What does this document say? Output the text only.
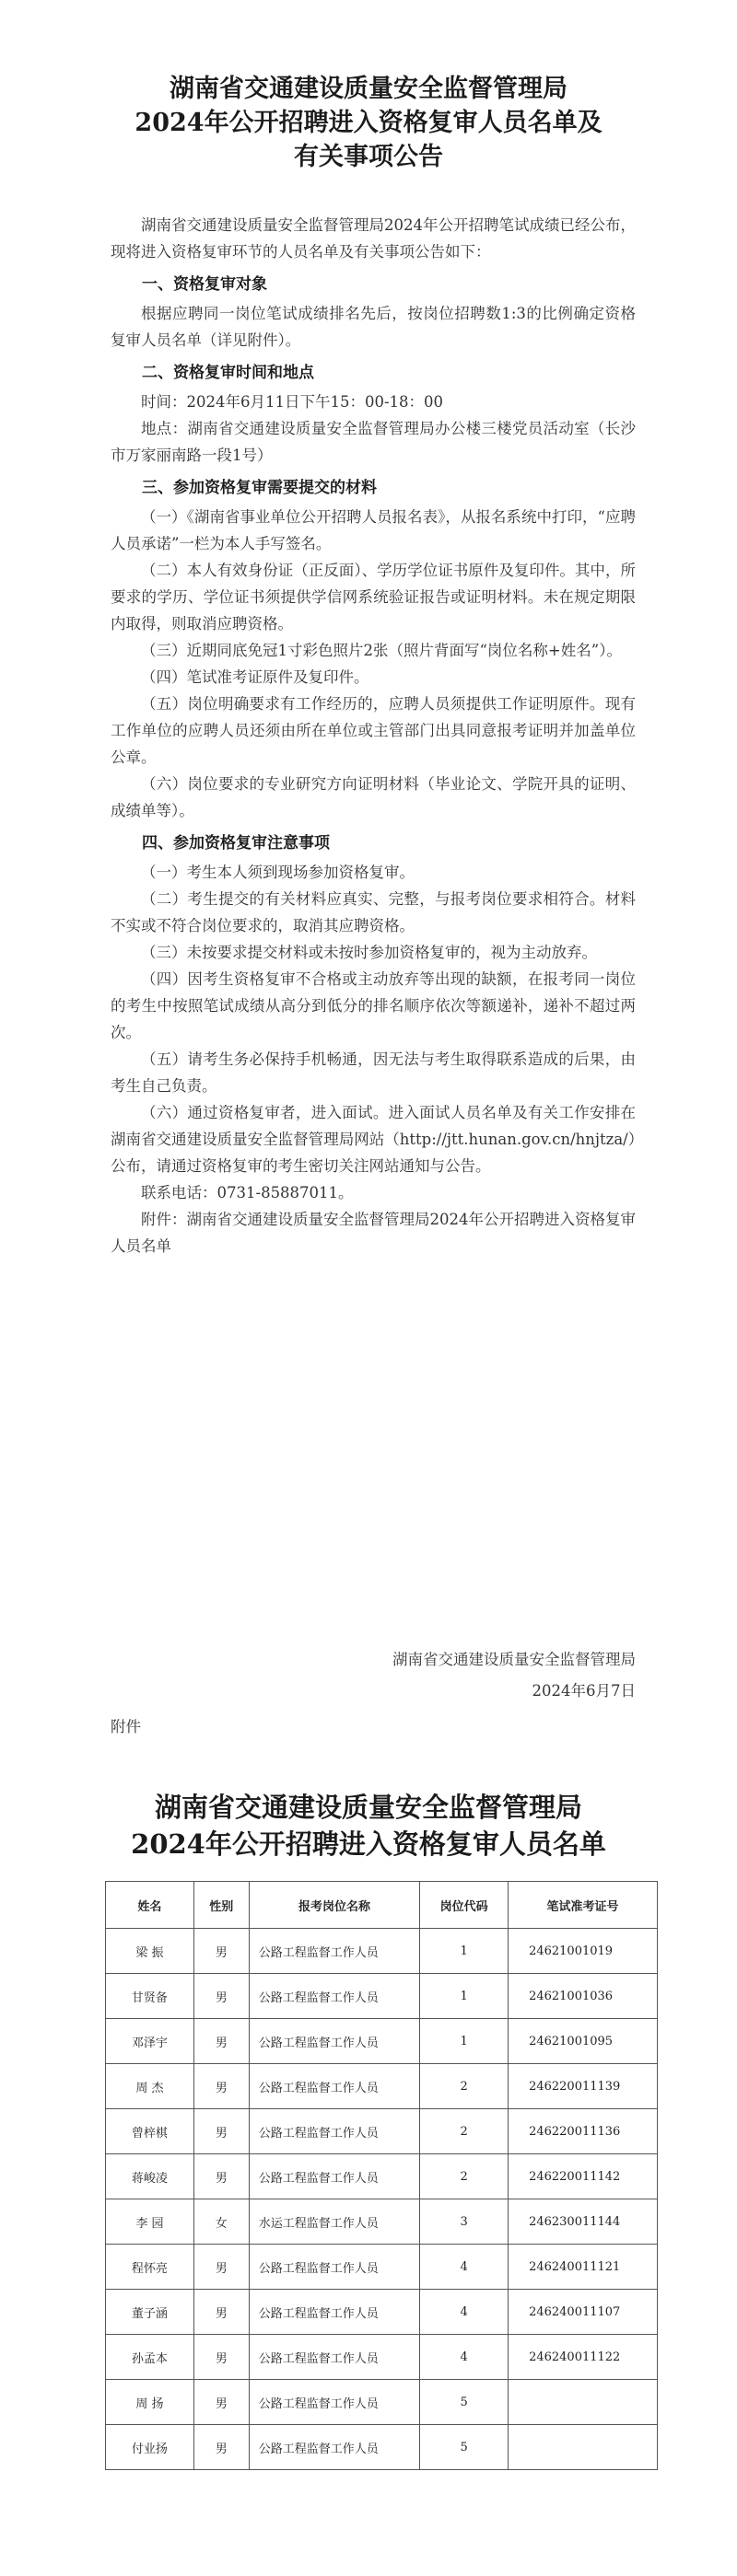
湖南省交通建设质量安全监督管理局
2024年公开招聘进入资格复审人员名单及
有关事项公告

湖南省交通建设质量安全监督管理局2024年公开招聘笔试成绩已经公布，现将进入资格复审环节的人员名单及有关事项公告如下：

一、资格复审对象

根据应聘同一岗位笔试成绩排名先后，按岗位招聘数1:3的比例确定资格复审人员名单（详见附件）。

二、资格复审时间和地点

时间：2024年6月11日下午15：00-18：00

地点：湖南省交通建设质量安全监督管理局办公楼三楼党员活动室（长沙市万家丽南路一段1号）

三、参加资格复审需要提交的材料

（一）《湖南省事业单位公开招聘人员报名表》，从报名系统中打印，“应聘人员承诺”一栏为本人手写签名。

（二）本人有效身份证（正反面）、学历学位证书原件及复印件。其中，所要求的学历、学位证书须提供学信网系统验证报告或证明材料。未在规定期限内取得，则取消应聘资格。

（三）近期同底免冠1寸彩色照片2张（照片背面写“岗位名称+姓名”）。

（四）笔试准考证原件及复印件。

（五）岗位明确要求有工作经历的，应聘人员须提供工作证明原件。现有工作单位的应聘人员还须由所在单位或主管部门出具同意报考证明并加盖单位公章。

（六）岗位要求的专业研究方向证明材料（毕业论文、学院开具的证明、成绩单等）。

四、参加资格复审注意事项

（一）考生本人须到现场参加资格复审。

（二）考生提交的有关材料应真实、完整，与报考岗位要求相符合。材料不实或不符合岗位要求的，取消其应聘资格。

（三）未按要求提交材料或未按时参加资格复审的，视为主动放弃。

（四）因考生资格复审不合格或主动放弃等出现的缺额，在报考同一岗位的考生中按照笔试成绩从高分到低分的排名顺序依次等额递补，递补不超过两次。

（五）请考生务必保持手机畅通，因无法与考生取得联系造成的后果，由考生自己负责。

（六）通过资格复审者，进入面试。进入面试人员名单及有关工作安排在湖南省交通建设质量安全监督管理局网站（http://jtt.hunan.gov.cn/hnjtza/）公布，请通过资格复审的考生密切关注网站通知与公告。

联系电话：0731-85887011。

附件：湖南省交通建设质量安全监督管理局2024年公开招聘进入资格复审人员名单

湖南省交通建设质量安全监督管理局
2024年6月7日
附件
湖南省交通建设质量安全监督管理局
2024年公开招聘进入资格复审人员名单
姓名	性别	报考岗位名称	岗位代码	笔试准考证号
梁 振	男	公路工程监督工作人员	1	24621001019
甘贤备	男	公路工程监督工作人员	1	24621001036
邓泽宇	男	公路工程监督工作人员	1	24621001095
周 杰	男	公路工程监督工作人员	2	246220011139
曾梓棋	男	公路工程监督工作人员	2	246220011136
蒋峻凌	男	公路工程监督工作人员	2	246220011142
李 园	女	水运工程监督工作人员	3	246230011144
程怀亮	男	公路工程监督工作人员	4	246240011121
董子涵	男	公路工程监督工作人员	4	246240011107
孙孟本	男	公路工程监督工作人员	4	246240011122
周 扬	男	公路工程监督工作人员	5	
付业扬	男	公路工程监督工作人员	5	
